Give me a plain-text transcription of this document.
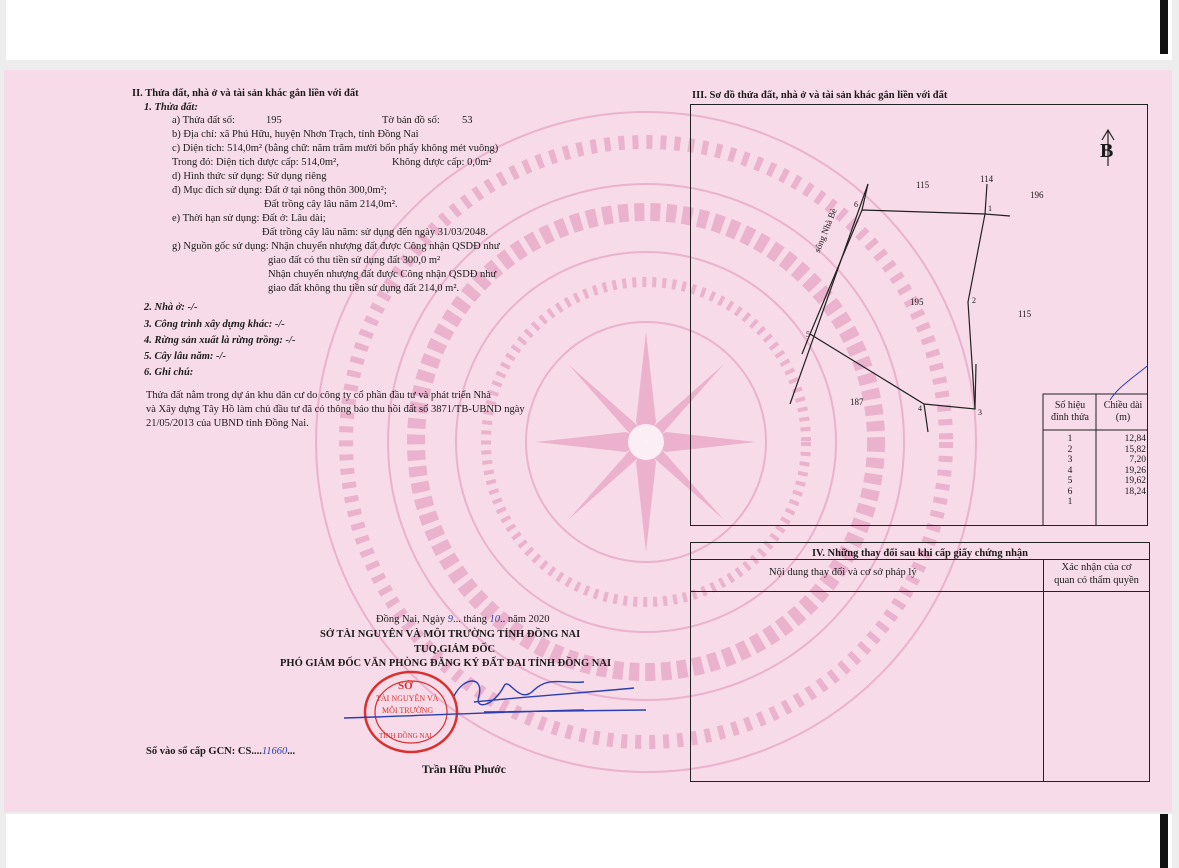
II. Thửa đất, nhà ở và tài sản khác gắn liền với đất
1. Thửa đất:
a) Thửa đất số:	195	Tờ bản đồ số: 53
b) Địa chỉ: xã Phú Hữu, huyện Nhơn Trạch, tỉnh Đồng Nai
c) Diện tích: 514,0m² (bằng chữ: năm trăm mười bốn phẩy không mét vuông)
Trong đó: Diện tích được cấp: 514,0m²,	Không được cấp: 0,0m²
d) Hình thức sử dụng: Sử dụng riêng
đ) Mục đích sử dụng: Đất ở tại nông thôn 300,0m²;
Đất trồng cây lâu năm 214,0m².
e) Thời hạn sử dụng: Đất ở: Lâu dài;
Đất trồng cây lâu năm: sử dụng đến ngày 31/03/2048.
g) Nguồn gốc sử dụng: Nhận chuyển nhượng đất được Công nhận QSDĐ như
giao đất có thu tiền sử dụng đất 300,0 m²
Nhận chuyển nhượng đất được Công nhận QSDĐ như
giao đất không thu tiền sử dụng đất 214,0 m².
2. Nhà ở: -/-
3. Công trình xây dựng khác: -/-
4. Rừng sản xuất là rừng trồng: -/-
5. Cây lâu năm: -/-
6. Ghi chú:
Thửa đất nằm trong dự án khu dân cư do công ty cổ phần đầu tư và phát triển Nhà
và Xây dựng Tây Hồ làm chủ đầu tư đã có thông báo thu hồi đất số 3871/TB-UBND ngày
21/05/2013 của UBND tỉnh Đồng Nai.
Đồng Nai, Ngày 9... tháng 10.. năm 2020
SỞ TÀI NGUYÊN VÀ MÔI TRƯỜNG TỈNH ĐỒNG NAI
TUQ.GIÁM ĐỐC
PHÓ GIÁM ĐỐC VĂN PHÒNG ĐĂNG KÝ ĐẤT ĐAI TỈNH ĐỒNG NAI
SỞ
TÀI NGUYÊN VÀ
MÔI TRƯỜNG
TỈNH ĐỒNG NAI
Số vào sổ cấp GCN: CS....11660...
Trần Hữu Phước
III. Sơ đồ thửa đất, nhà ở và tài sản khác gắn liền với đất
B
sông Nhà Bè
115
114
196
195
115
187
1
2
3
4
5
6
Số hiệu
đỉnh thửa
Chiều dài
(m)
1	12,84
2	15,82
3	7,20
4	19,26
5	19,62
6	18,24
1
IV. Những thay đổi sau khi cấp giấy chứng nhận
Nội dung thay đổi và cơ sở pháp lý	Xác nhận của cơ
quan có thẩm quyền
